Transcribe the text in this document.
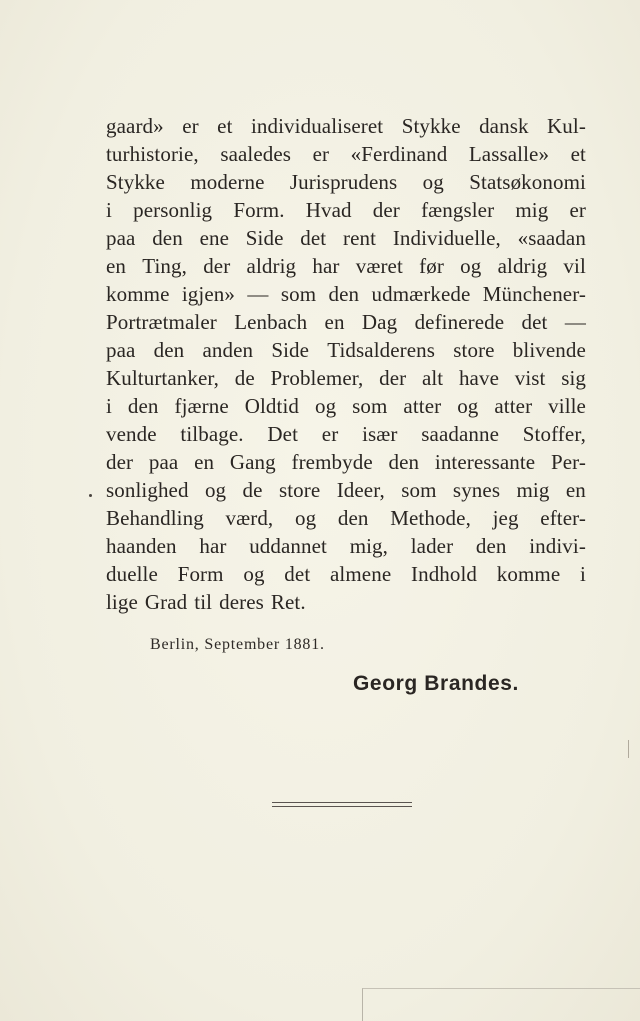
gaard» er et individualiseret Stykke dansk Kul-
turhistorie, saaledes er «Ferdinand Lassalle» et
Stykke moderne Jurisprudens og Statsøkonomi
i personlig Form. Hvad der fængsler mig er
paa den ene Side det rent Individuelle, «saadan
en Ting, der aldrig har været før og aldrig vil
komme igjen» — som den udmærkede Münchener-
Portrætmaler Lenbach en Dag definerede det —
paa den anden Side Tidsalderens store blivende
Kulturtanker, de Problemer, der alt have vist sig
i den fjærne Oldtid og som atter og atter ville
vende tilbage. Det er især saadanne Stoffer,
der paa en Gang frembyde den interessante Per-
sonlighed og de store Ideer, som synes mig en
Behandling værd, og den Methode, jeg efter-
haanden har uddannet mig, lader den indivi-
duelle Form og det almene Indhold komme i
lige Grad til deres Ret.
Berlin, September 1881.
Georg Brandes.
